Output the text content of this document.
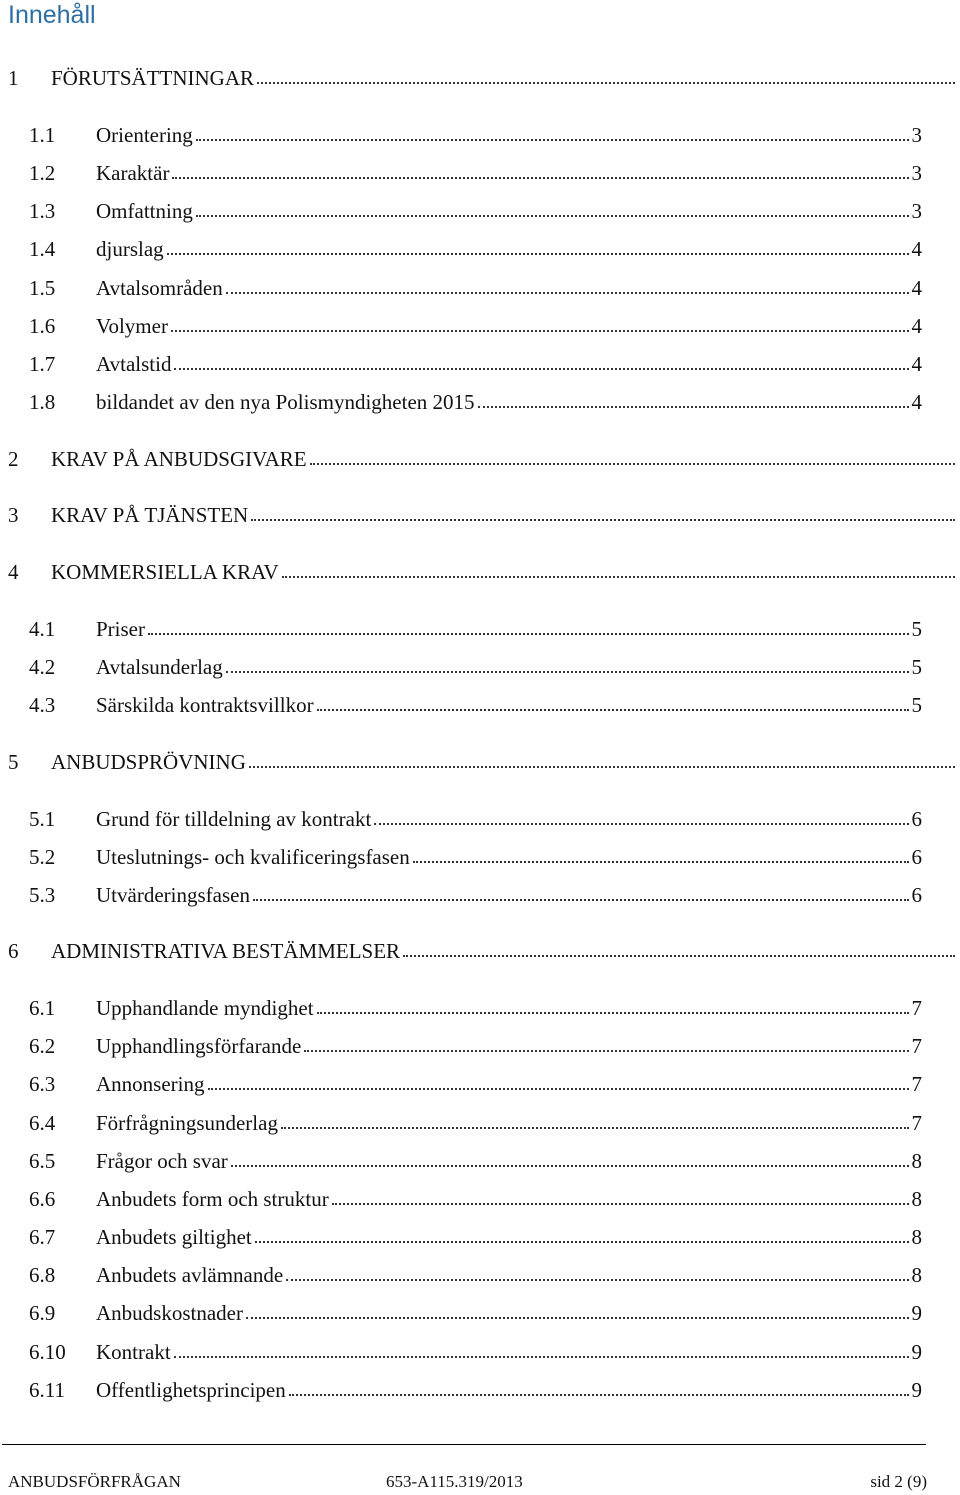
Innehåll
1	FÖRUTSÄTTNINGAR
1.1	Orientering	3
1.2	Karaktär	3
1.3	Omfattning	3
1.4	djurslag	4
1.5	Avtalsområden	4
1.6	Volymer	4
1.7	Avtalstid	4
1.8	bildandet av den nya Polismyndigheten 2015	4
2	KRAV PÅ ANBUDSGIVARE
3	KRAV PÅ TJÄNSTEN
4	KOMMERSIELLA KRAV
4.1	Priser	5
4.2	Avtalsunderlag	5
4.3	Särskilda kontraktsvillkor	5
5	ANBUDSPRÖVNING
5.1	Grund för tilldelning av kontrakt	6
5.2	Uteslutnings- och kvalificeringsfasen	6
5.3	Utvärderingsfasen	6
6	ADMINISTRATIVA BESTÄMMELSER
6.1	Upphandlande myndighet	7
6.2	Upphandlingsförfarande	7
6.3	Annonsering	7
6.4	Förfrågningsunderlag	7
6.5	Frågor och svar	8
6.6	Anbudets form och struktur	8
6.7	Anbudets giltighet	8
6.8	Anbudets avlämnande	8
6.9	Anbudskostnader	9
6.10	Kontrakt	9
6.11	Offentlighetsprincipen	9
ANBUDSFÖRFRÅGAN	653-A115.319/2013	sid 2 (9)
